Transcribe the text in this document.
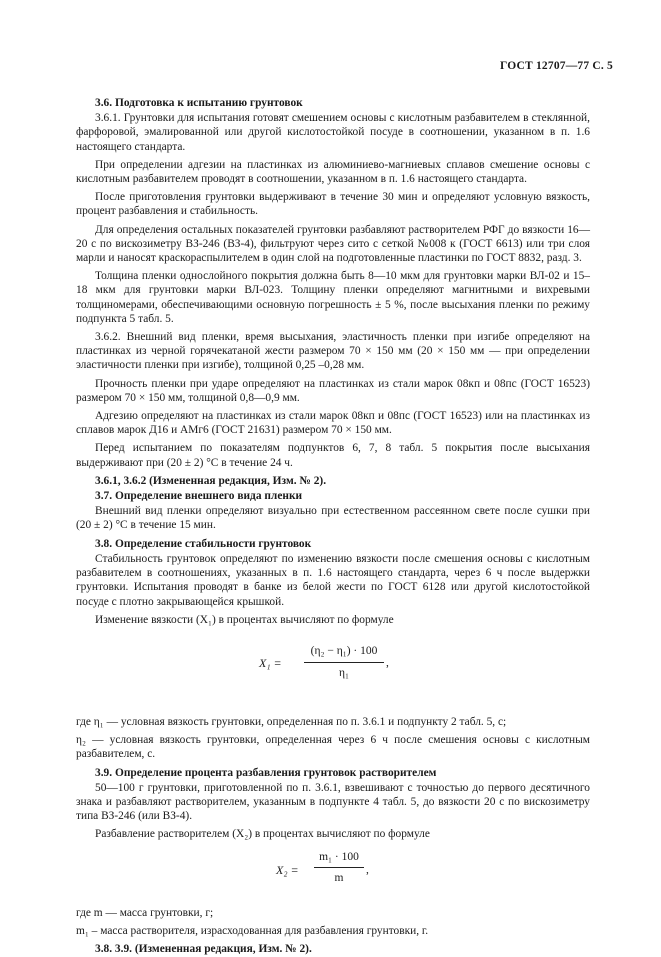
ГОСТ 12707—77 С. 5

3.6. Подготовка к испытанию грунтовок

3.6.1. Грунтовки для испытания готовят смешением основы с кислотным разбавителем в стеклянной, фарфоровой, эмалированной или другой кислотостойкой посуде в соотношении, указанном в п. 1.6 настоящего стандарта.

При определении адгезии на пластинках из алюминиево-магниевых сплавов смешение основы с кислотным разбавителем проводят в соотношении, указанном в п. 1.6 настоящего стандарта.

После приготовления грунтовки выдерживают в течение 30 мин и определяют условную вязкость, процент разбавления и стабильность.

Для определения остальных показателей грунтовки разбавляют растворителем РФГ до вязкости 16—20 с по вискозиметру ВЗ-246 (ВЗ-4), фильтруют через сито с сеткой №008 к (ГОСТ 6613) или три слоя марли и наносят краскораспылителем в один слой на подготовленные пластинки по ГОСТ 8832, разд. 3.

Толщина пленки однослойного покрытия должна быть 8—10 мкм для грунтовки марки ВЛ-02 и 15– 18 мкм для грунтовки марки ВЛ-023. Толщину пленки определяют магнитными и вихревыми толщиномерами, обеспечивающими основную погрешность ± 5 %, после высыхания пленки по режиму подпункта 5 табл. 5.

3.6.2. Внешний вид пленки, время высыхания, эластичность пленки при изгибе определяют на пластинках из черной горячекатаной жести размером 70 × 150 мм (20 × 150 мм — при определении эластичности пленки при изгибе), толщиной 0,25 –0,28 мм.

Прочность пленки при ударе определяют на пластинках из стали марок 08кп и 08пс (ГОСТ 16523) размером 70 × 150 мм, толщиной 0,8—0,9 мм.

Адгезию определяют на пластинках из стали марок 08кп и 08пс (ГОСТ 16523) или на пластинках из сплавов марок Д16 и АМг6 (ГОСТ 21631) размером 70 × 150 мм.

Перед испытанием по показателям подпунктов 6, 7, 8 табл. 5 покрытия после высыхания выдерживают при (20 ± 2) °С в течение 24 ч.

3.6.1, 3.6.2 (Измененная редакция, Изм. № 2).

3.7. Определение внешнего вида пленки

Внешний вид пленки определяют визуально при естественном рассеянном свете после сушки при (20 ± 2) °С в течение 15 мин.

3.8. Определение стабильности грунтовок

Стабильность грунтовок определяют по изменению вязкости после смешения основы с кислотным разбавителем в соотношениях, указанных в п. 1.6 настоящего стандарта, через 6 ч после выдержки грунтовки. Испытания проводят в банке из белой жести по ГОСТ 6128 или другой кислотостойкой посуде с плотно закрывающейся крышкой.

Изменение вязкости (X₁) в процентах вычисляют по формуле

X₁ =
(η₂ − η₁) · 100
η₁
,

где η₁ — условная вязкость грунтовки, определенная по п. 3.6.1 и подпункту 2 табл. 5, с;

η₂ — условная вязкость грунтовки, определенная через 6 ч после смешения основы с кислотным разбавителем, с.

3.9. Определение процента разбавления грунтовок растворителем

50—100 г грунтовки, приготовленной по п. 3.6.1, взвешивают с точностью до первого десятичного знака и разбавляют растворителем, указанным в подпункте 4 табл. 5, до вязкости 20 с по вискозиметру типа ВЗ-246 (или ВЗ-4).

Разбавление растворителем (X₂) в процентах вычисляют по формуле

X₂ =
m₁ · 100
m
,

где m — масса грунтовки, г;

m₁ – масса растворителя, израсходованная для разбавления грунтовки, г.

3.8. 3.9. (Измененная редакция, Изм. № 2).
